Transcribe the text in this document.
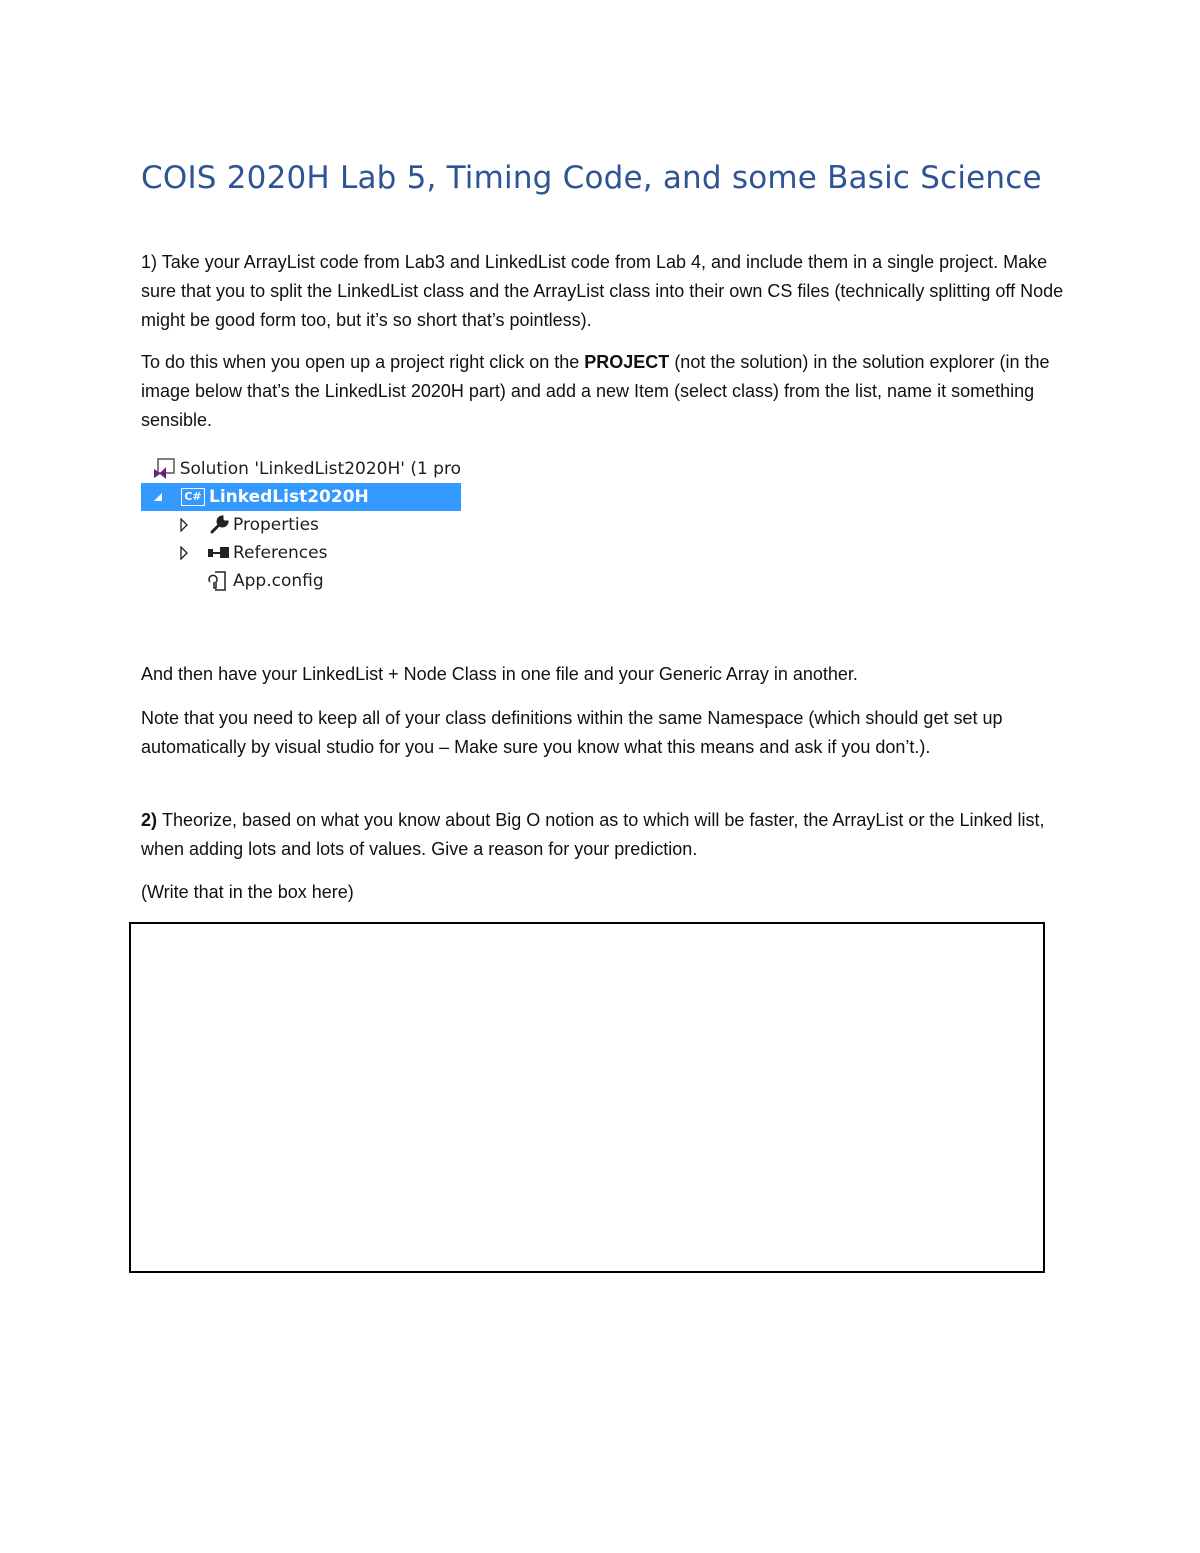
COIS 2020H Lab 5, Timing Code, and some Basic Science
1) Take your ArrayList code from Lab3 and LinkedList code from Lab 4, and include them in a single project. Make sure that you to split the LinkedList class and the ArrayList class into their own CS files (technically splitting off Node might be good form too, but it’s so short that’s pointless).
To do this when you open up a project right click on the PROJECT (not the solution) in the solution explorer (in the image below that’s the LinkedList 2020H part) and add a new Item (select class) from the list, name it something sensible.
Solution 'LinkedList2020H' (1 pro
C# LinkedList2020H
Properties
References
App.config
And then have your LinkedList + Node Class in one file and your Generic Array in another.
Note that you need to keep all of your class definitions within the same Namespace (which should get set up automatically by visual studio for you – Make sure you know what this means and ask if you don’t.).
2) Theorize, based on what you know about Big O notion as to which will be faster, the ArrayList or the Linked list, when adding lots and lots of values. Give a reason for your prediction.
(Write that in the box here)
